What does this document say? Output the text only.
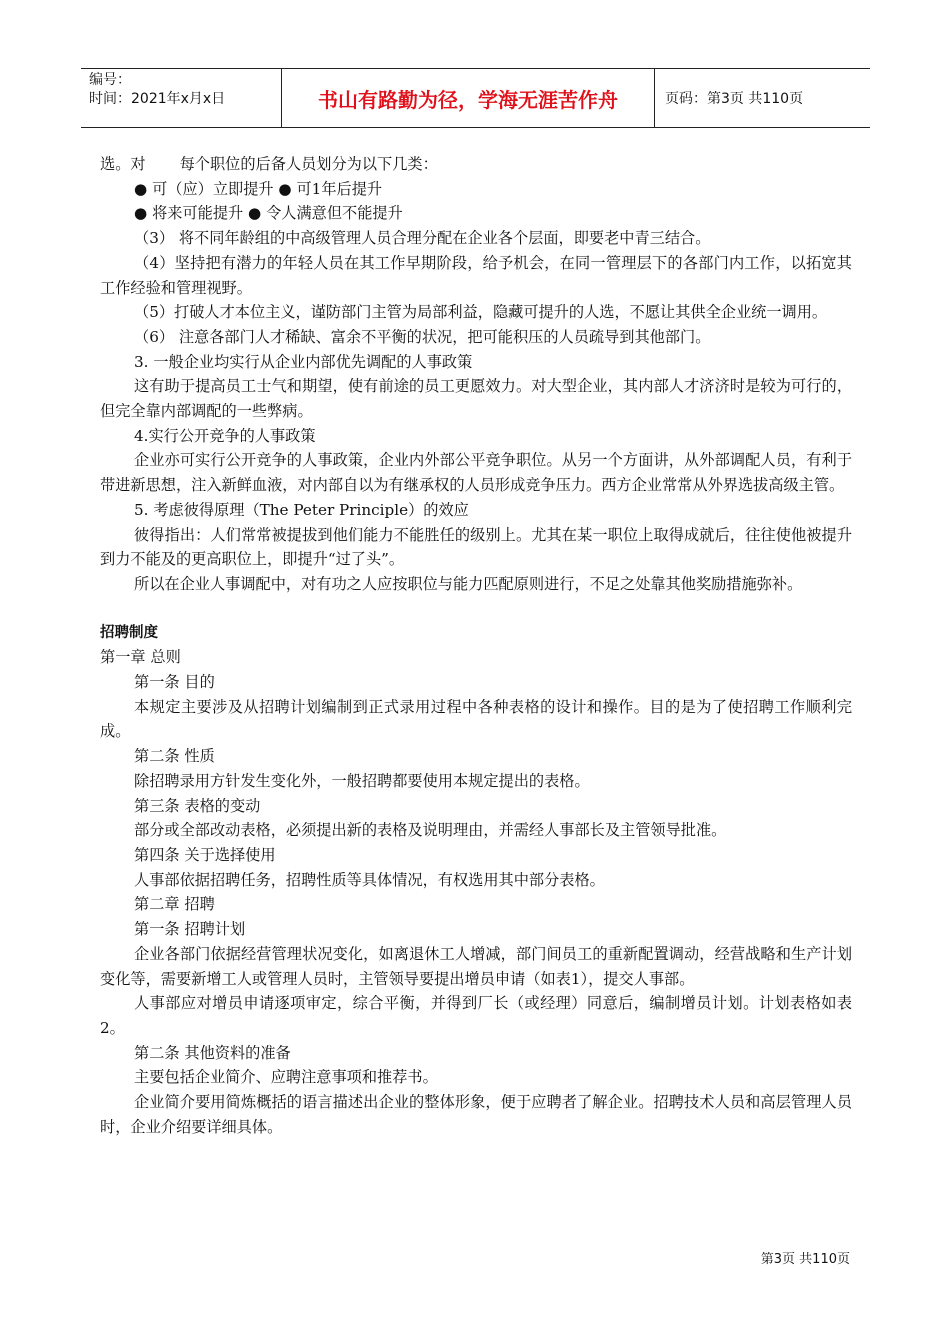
编号：
时间：2021年x月x日	书山有路勤为径，学海无涯苦作舟	页码：第3页 共110页

选。对 每个职位的后备人员划分为以下几类：

● 可（应）立即提升 ● 可1年后提升

● 将来可能提升 ● 令人满意但不能提升

（3） 将不同年龄组的中高级管理人员合理分配在企业各个层面，即要老中青三结合。

（4）坚持把有潜力的年轻人员在其工作早期阶段，给予机会，在同一管理层下的各部门内工作，以拓宽其工作经验和管理视野。

（5）打破人才本位主义，谨防部门主管为局部利益，隐藏可提升的人选，不愿让其供全企业统一调用。

（6） 注意各部门人才稀缺、富余不平衡的状况，把可能积压的人员疏导到其他部门。

3. 一般企业均实行从企业内部优先调配的人事政策

这有助于提高员工士气和期望，使有前途的员工更愿效力。对大型企业，其内部人才济济时是较为可行的，但完全靠内部调配的一些弊病。

4.实行公开竞争的人事政策

企业亦可实行公开竞争的人事政策，企业内外部公平竞争职位。从另一个方面讲，从外部调配人员，有利于带进新思想，注入新鲜血液，对内部自以为有继承权的人员形成竞争压力。西方企业常常从外界选拔高级主管。

5. 考虑彼得原理（The Peter Principle）的效应

彼得指出：人们常常被提拔到他们能力不能胜任的级别上。尤其在某一职位上取得成就后，往往使他被提升到力不能及的更高职位上，即提升“过了头”。

所以在企业人事调配中，对有功之人应按职位与能力匹配原则进行，不足之处靠其他奖励措施弥补。

招聘制度

第一章 总则

第一条 目的

本规定主要涉及从招聘计划编制到正式录用过程中各种表格的设计和操作。目的是为了使招聘工作顺利完成。

第二条 性质

除招聘录用方针发生变化外，一般招聘都要使用本规定提出的表格。

第三条 表格的变动

部分或全部改动表格，必须提出新的表格及说明理由，并需经人事部长及主管领导批准。

第四条 关于选择使用

人事部依据招聘任务，招聘性质等具体情况，有权选用其中部分表格。

第二章 招聘

第一条 招聘计划

企业各部门依据经营管理状况变化，如离退休工人增减，部门间员工的重新配置调动，经营战略和生产计划变化等，需要新增工人或管理人员时，主管领导要提出增员申请（如表1），提交人事部。

人事部应对增员申请逐项审定，综合平衡，并得到厂长（或经理）同意后，编制增员计划。计划表格如表2。

第二条 其他资料的准备

主要包括企业简介、应聘注意事项和推荐书。

企业简介要用简炼概括的语言描述出企业的整体形象，便于应聘者了解企业。招聘技术人员和高层管理人员时，企业介绍要详细具体。

第3页 共110页
